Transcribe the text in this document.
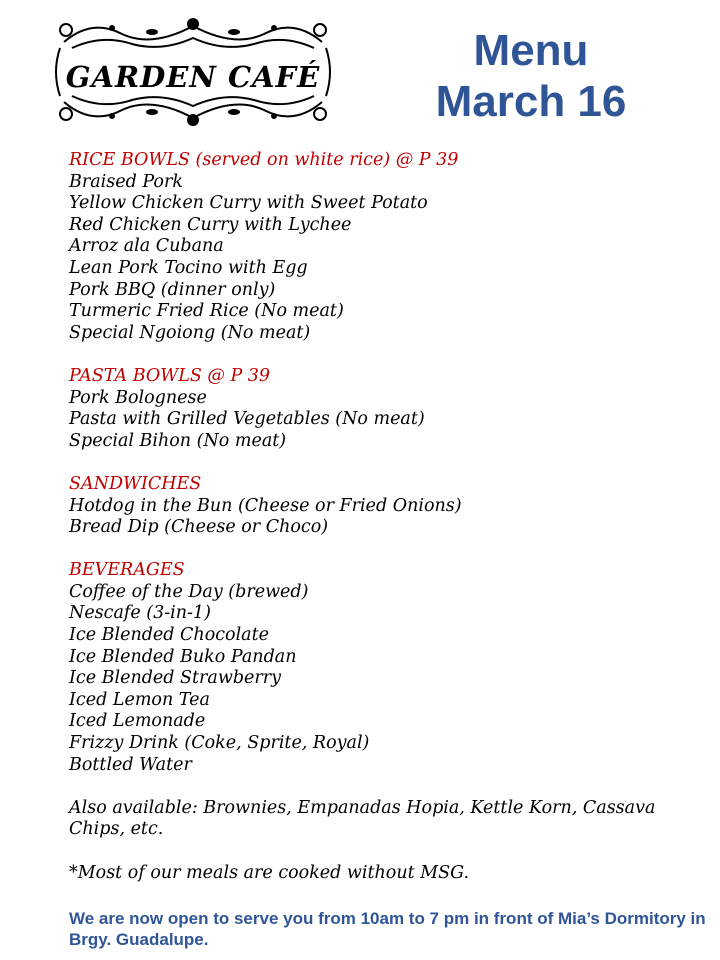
GARDEN CAFÉ
Menu
March 16
RICE BOWLS (served on white rice) @ P 39
Braised Pork
Yellow Chicken Curry with Sweet Potato
Red Chicken Curry with Lychee
Arroz ala Cubana
Lean Pork Tocino with Egg
Pork BBQ (dinner only)
Turmeric Fried Rice (No meat)
Special Ngoiong (No meat)
PASTA BOWLS @ P 39
Pork Bolognese
Pasta with Grilled Vegetables (No meat)
Special Bihon (No meat)
SANDWICHES
Hotdog in the Bun (Cheese or Fried Onions)
Bread Dip (Cheese or Choco)
BEVERAGES
Coffee of the Day (brewed)
Nescafe (3-in-1)
Ice Blended Chocolate
Ice Blended Buko Pandan
Ice Blended Strawberry
Iced Lemon Tea
Iced Lemonade
Frizzy Drink (Coke, Sprite, Royal)
Bottled Water
Also available: Brownies, Empanadas Hopia, Kettle Korn, Cassava Chips, etc.
*Most of our meals are cooked without MSG.
We are now open to serve you from 10am to 7 pm in front of Mia’s Dormitory in Brgy. Guadalupe.
